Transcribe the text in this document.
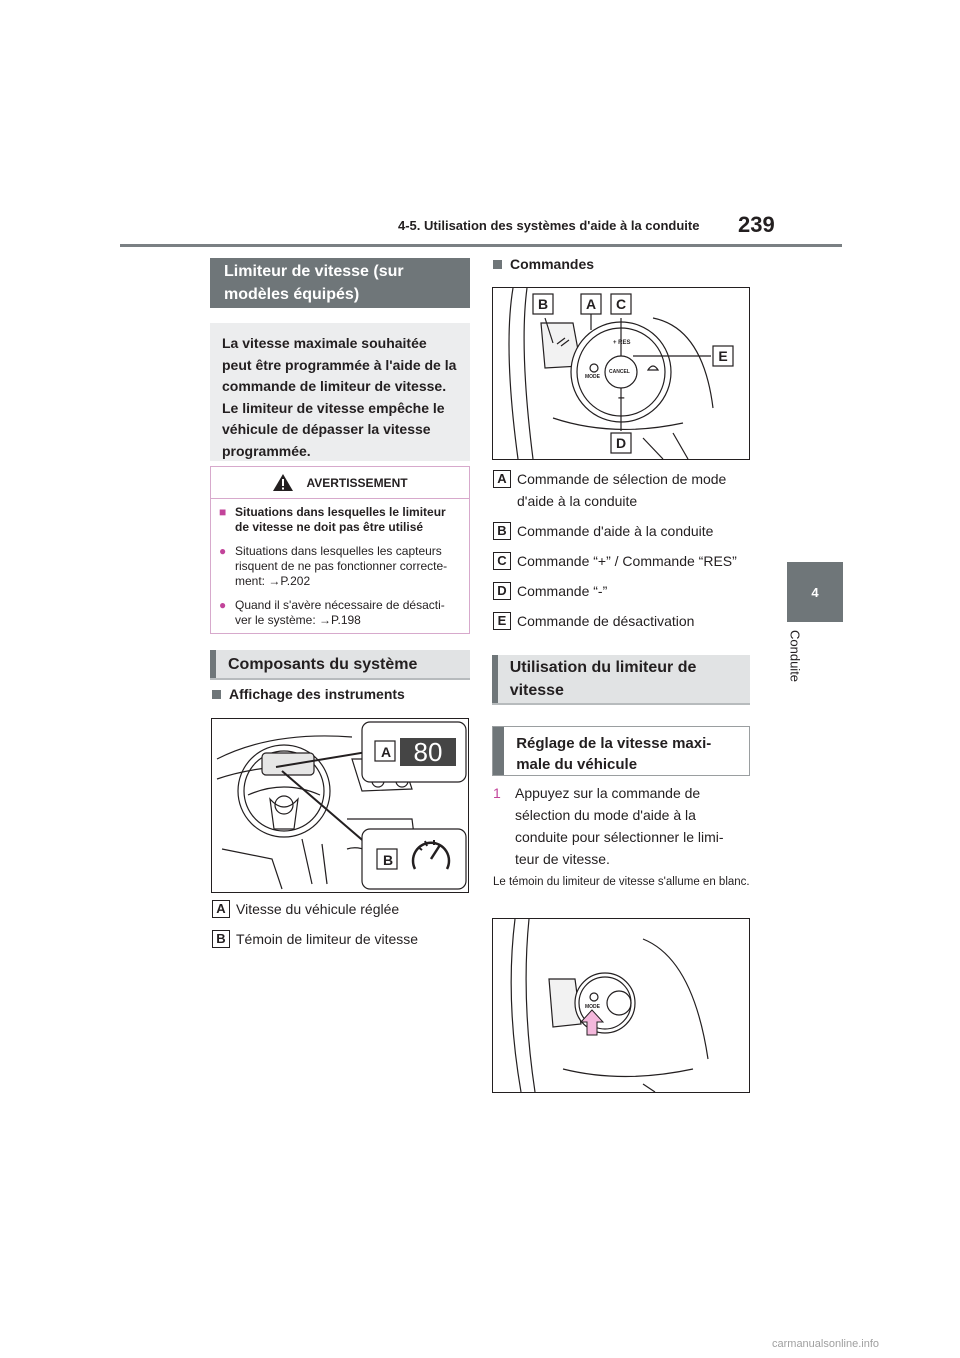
4-5. Utilisation des systèmes d'aide à la conduite 239
4
Conduite
Limiteur de vitesse (sur modèles équipés)
La vitesse maximale souhaitée peut être programmée à l'aide de la commande de limiteur de vitesse. Le limiteur de vitesse empêche le véhicule de dépasser la vitesse programmée.
AVERTISSEMENT
■ Situations dans lesquelles le limiteur de vitesse ne doit pas être utilisé
● Situations dans lesquelles les capteurs risquent de ne pas fonctionner correcte-ment: →P.202
● Quand il s'avère nécessaire de désacti-ver le système: →P.198
Composants du système
Affichage des instruments
A 80
B
A Vitesse du véhicule réglée
B Témoin de limiteur de vitesse
Commandes
B	A	C
E
D
+ RES
MODE
CANCEL
–
A Commande de sélection de mode d'aide à la conduite
B Commande d'aide à la conduite
C Commande “+” / Commande “RES”
D Commande “-”
E Commande de désactivation
Utilisation du limiteur de vitesse
Réglage de la vitesse maxi-male du véhicule
1	Appuyez sur la commande de sélection du mode d'aide à la conduite pour sélectionner le limi-teur de vitesse.
Le témoin du limiteur de vitesse s'allume en blanc.
MODE
carmanualsonline.info
